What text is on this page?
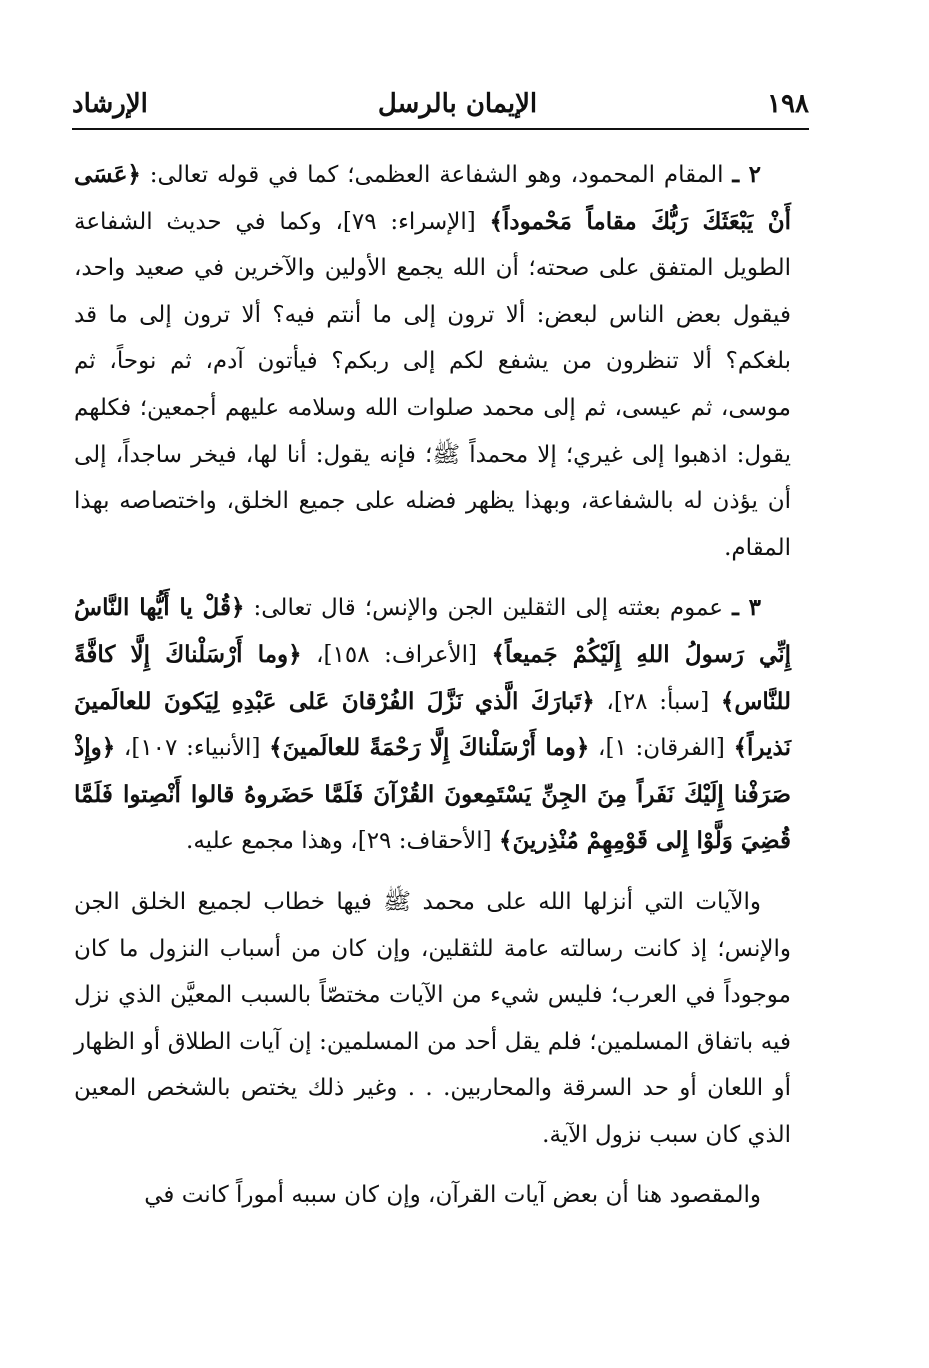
١٩٨
الإيمان بالرسل
الإرشاد

٢ ـ المقام المحمود، وهو الشفاعة العظمى؛ كما في قوله تعالى: ﴿عَسَى أَنْ يَبْعَثَكَ رَبُّكَ مقاماً مَحْموداً﴾ [الإسراء: ٧٩]، وكما في حديث الشفاعة الطويل المتفق على صحته؛ أن الله يجمع الأولين والآخرين في صعيد واحد، فيقول بعض الناس لبعض: ألا ترون إلى ما أنتم فيه؟ ألا ترون إلى ما قد بلغكم؟ ألا تنظرون من يشفع لكم إلى ربكم؟ فيأتون آدم، ثم نوحاً، ثم موسى، ثم عيسى، ثم إلى محمد صلوات الله وسلامه عليهم أجمعين؛ فكلهم يقول: اذهبوا إلى غيري؛ إلا محمداً ﷺ؛ فإنه يقول: أنا لها، فيخر ساجداً، إلى أن يؤذن له بالشفاعة، وبهذا يظهر فضله على جميع الخلق، واختصاصه بهذا المقام.

٣ ـ عموم بعثته إلى الثقلين الجن والإنس؛ قال تعالى: ﴿قُلْ يا أَيُّها النَّاسُ إِنِّي رَسولُ اللهِ إِلَيْكُمْ جَميعاً﴾ [الأعراف: ١٥٨]، ﴿وما أَرْسَلْناكَ إِلَّا كافَّةً للنَّاس﴾ [سبأ: ٢٨]، ﴿تَبارَكَ الَّذي نَزَّلَ الفُرْقانَ عَلى عَبْدِهِ لِيَكونَ للعالَمينَ نَذيراً﴾ [الفرقان: ١]، ﴿وما أَرْسَلْناكَ إِلَّا رَحْمَةً للعالَمينَ﴾ [الأنبياء: ١٠٧]، ﴿وإِذْ صَرَفْنا إِلَيْكَ نَفَراً مِنَ الجِنِّ يَسْتَمِعونَ القُرْآنَ فَلَمَّا حَضَروهُ قالوا أَنْصِتوا فَلَمَّا قُضِيَ وَلَّوْا إِلى قَوْمِهِمْ مُنْذِرينَ﴾ [الأحقاف: ٢٩]، وهذا مجمع عليه.

والآيات التي أنزلها الله على محمد ﷺ فيها خطاب لجميع الخلق الجن والإنس؛ إذ كانت رسالته عامة للثقلين، وإن كان من أسباب النزول ما كان موجوداً في العرب؛ فليس شيء من الآيات مختصّاً بالسبب المعيَّن الذي نزل فيه باتفاق المسلمين؛ فلم يقل أحد من المسلمين: إن آيات الطلاق أو الظهار أو اللعان أو حد السرقة والمحاربين. . . وغير ذلك يختص بالشخص المعين الذي كان سبب نزول الآية.

والمقصود هنا أن بعض آيات القرآن، وإن كان سببه أموراً كانت في
